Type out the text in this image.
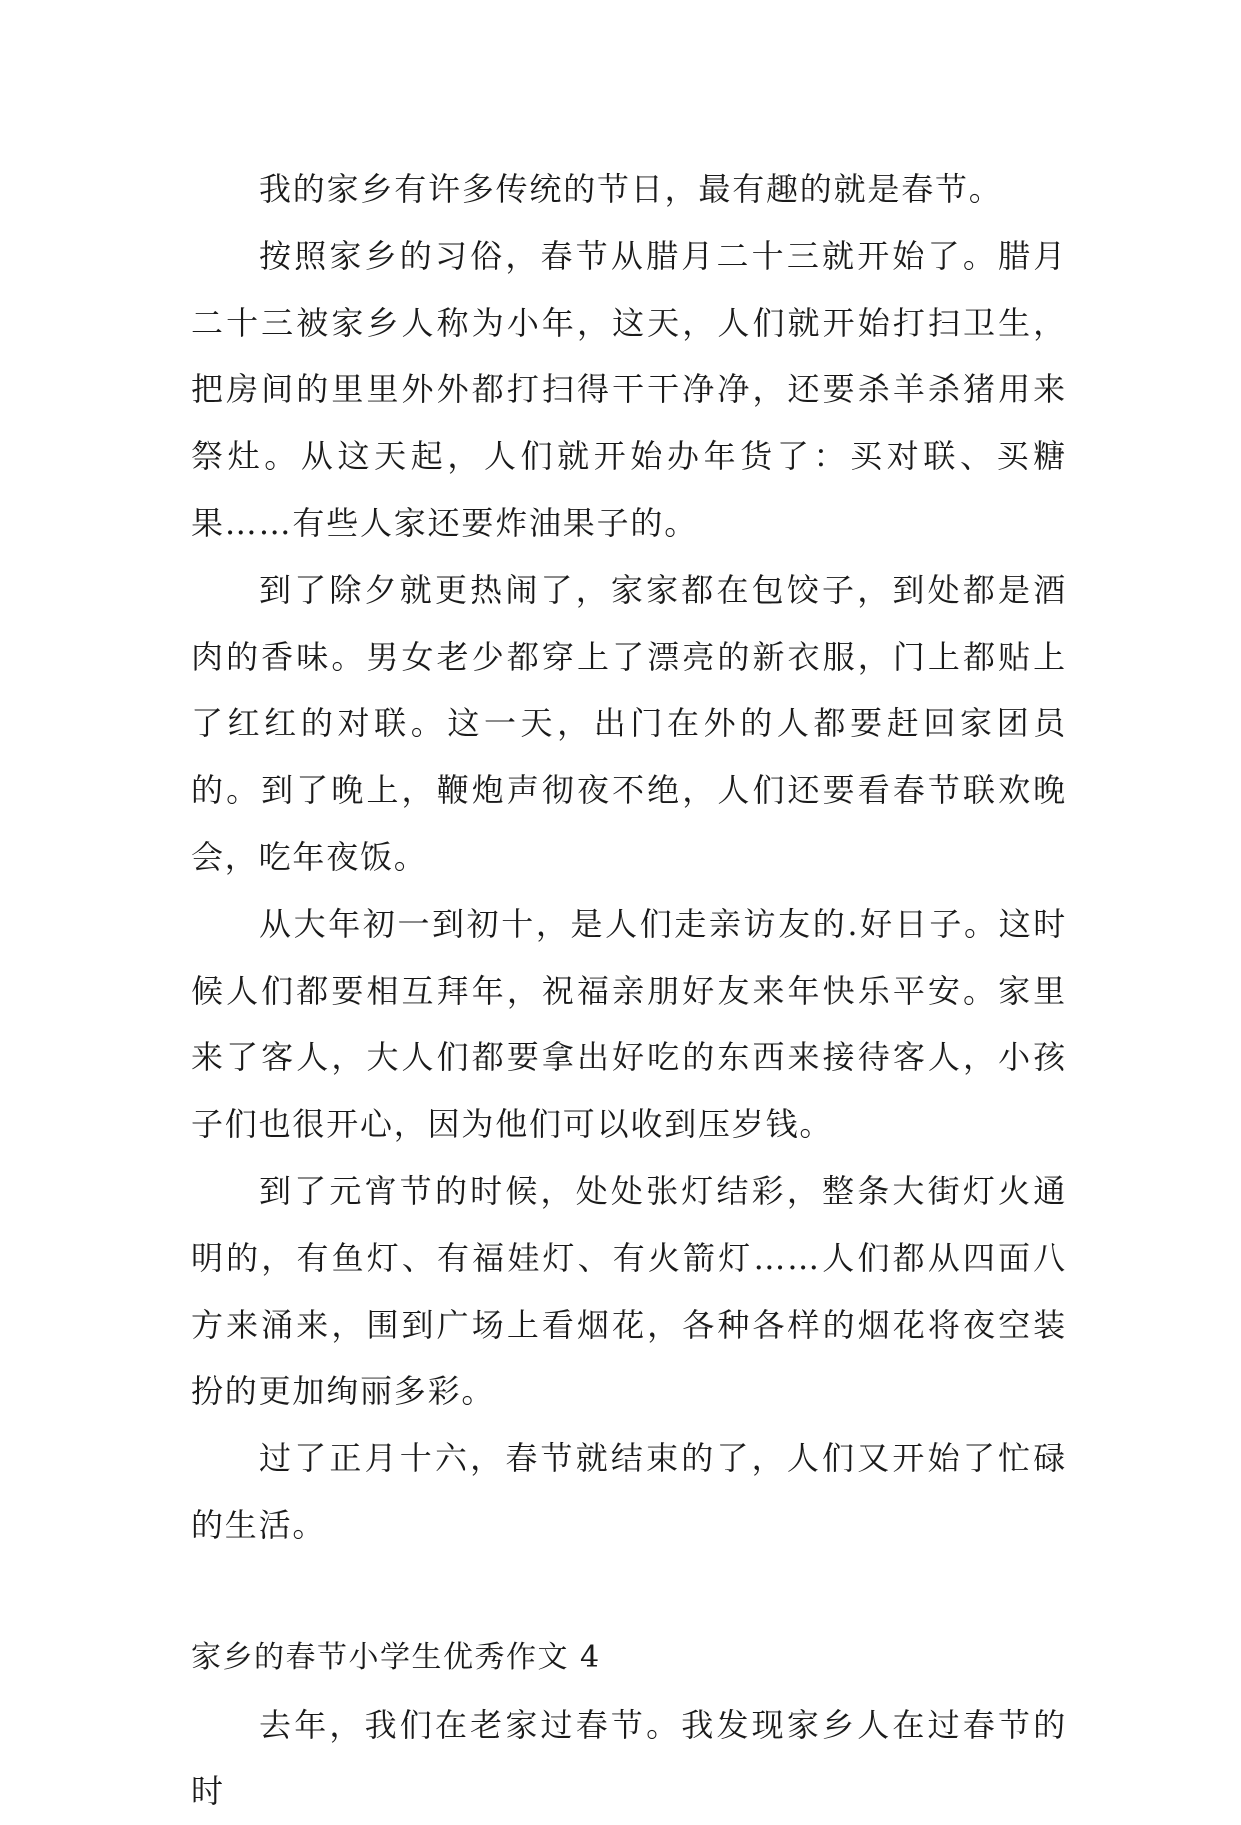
我的家乡有许多传统的节日，最有趣的就是春节。

按照家乡的习俗，春节从腊月二十三就开始了。腊月二十三被家乡人称为小年，这天，人们就开始打扫卫生，把房间的里里外外都打扫得干干净净，还要杀羊杀猪用来祭灶。从这天起，人们就开始办年货了：买对联、买糖果……有些人家还要炸油果子的。

到了除夕就更热闹了，家家都在包饺子，到处都是酒肉的香味。男女老少都穿上了漂亮的新衣服，门上都贴上了红红的对联。这一天，出门在外的人都要赶回家团员的。到了晚上，鞭炮声彻夜不绝，人们还要看春节联欢晚会，吃年夜饭。

从大年初一到初十，是人们走亲访友的.好日子。这时候人们都要相互拜年，祝福亲朋好友来年快乐平安。家里来了客人，大人们都要拿出好吃的东西来接待客人，小孩子们也很开心，因为他们可以收到压岁钱。

到了元宵节的时候，处处张灯结彩，整条大街灯火通明的，有鱼灯、有福娃灯、有火箭灯……人们都从四面八方来涌来，围到广场上看烟花，各种各样的烟花将夜空装扮的更加绚丽多彩。

过了正月十六，春节就结束的了，人们又开始了忙碌的生活。

家乡的春节小学生优秀作文 4

去年，我们在老家过春节。我发现家乡人在过春节的时
